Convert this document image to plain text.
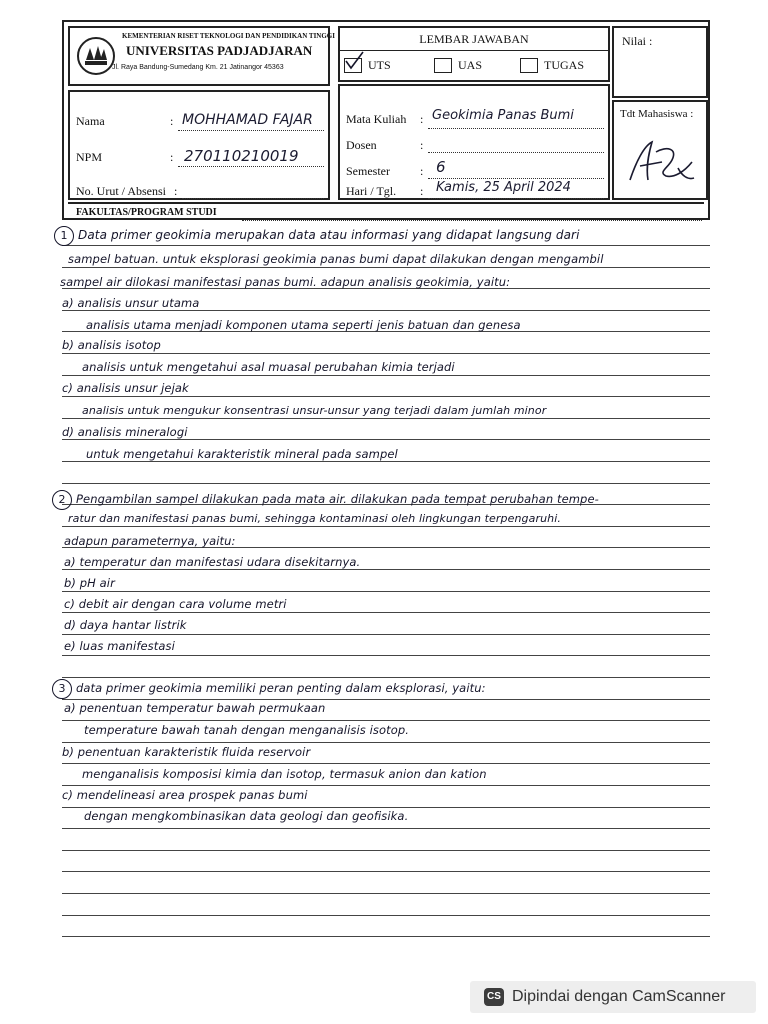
KEMENTERIAN RISET TEKNOLOGI DAN PENDIDIKAN TINGGI
UNIVERSITAS PADJADJARAN
Jl. Raya Bandung-Sumedang Km. 21 Jatinangor 45363
LEMBAR JAWABAN
UTS	UAS	TUGAS
Nilai :
Nama	: MOHHAMAD FAJAR
NPM	: 270110210019
No. Urut / Absensi :
Mata Kuliah : Geokimia Panas Bumi
Dosen	:
Semester	: 6
Hari / Tgl. : Kamis, 25 April 2024
Tdt Mahasiswa :
FAKULTAS/PROGRAM STUDI
1 Data primer geokimia merupakan data atau informasi yang didapat langsung dari
sampel batuan. untuk eksplorasi geokimia panas bumi dapat dilakukan dengan mengambil
sampel air dilokasi manifestasi panas bumi. adapun analisis geokimia, yaitu:
a) analisis unsur utama
analisis utama menjadi komponen utama seperti jenis batuan dan genesa
b) analisis isotop
analisis untuk mengetahui asal muasal perubahan kimia terjadi
c) analisis unsur jejak
analisis untuk mengukur konsentrasi unsur-unsur yang terjadi dalam jumlah minor
d) analisis mineralogi
untuk mengetahui karakteristik mineral pada sampel
2 Pengambilan sampel dilakukan pada mata air. dilakukan pada tempat perubahan tempe-
ratur dan manifestasi panas bumi, sehingga kontaminasi oleh lingkungan terpengaruhi.
adapun parameternya, yaitu:
a) temperatur dan manifestasi udara disekitarnya.
b) pH air
c) debit air dengan cara volume metri
d) daya hantar listrik
e) luas manifestasi
3 data primer geokimia memiliki peran penting dalam eksplorasi, yaitu:
a) penentuan temperatur bawah permukaan
temperature bawah tanah dengan menganalisis isotop.
b) penentuan karakteristik fluida reservoir
menganalisis komposisi kimia dan isotop, termasuk anion dan kation
c) mendelineasi area prospek panas bumi
dengan mengkombinasikan data geologi dan geofisika.
CS Dipindai dengan CamScanner
